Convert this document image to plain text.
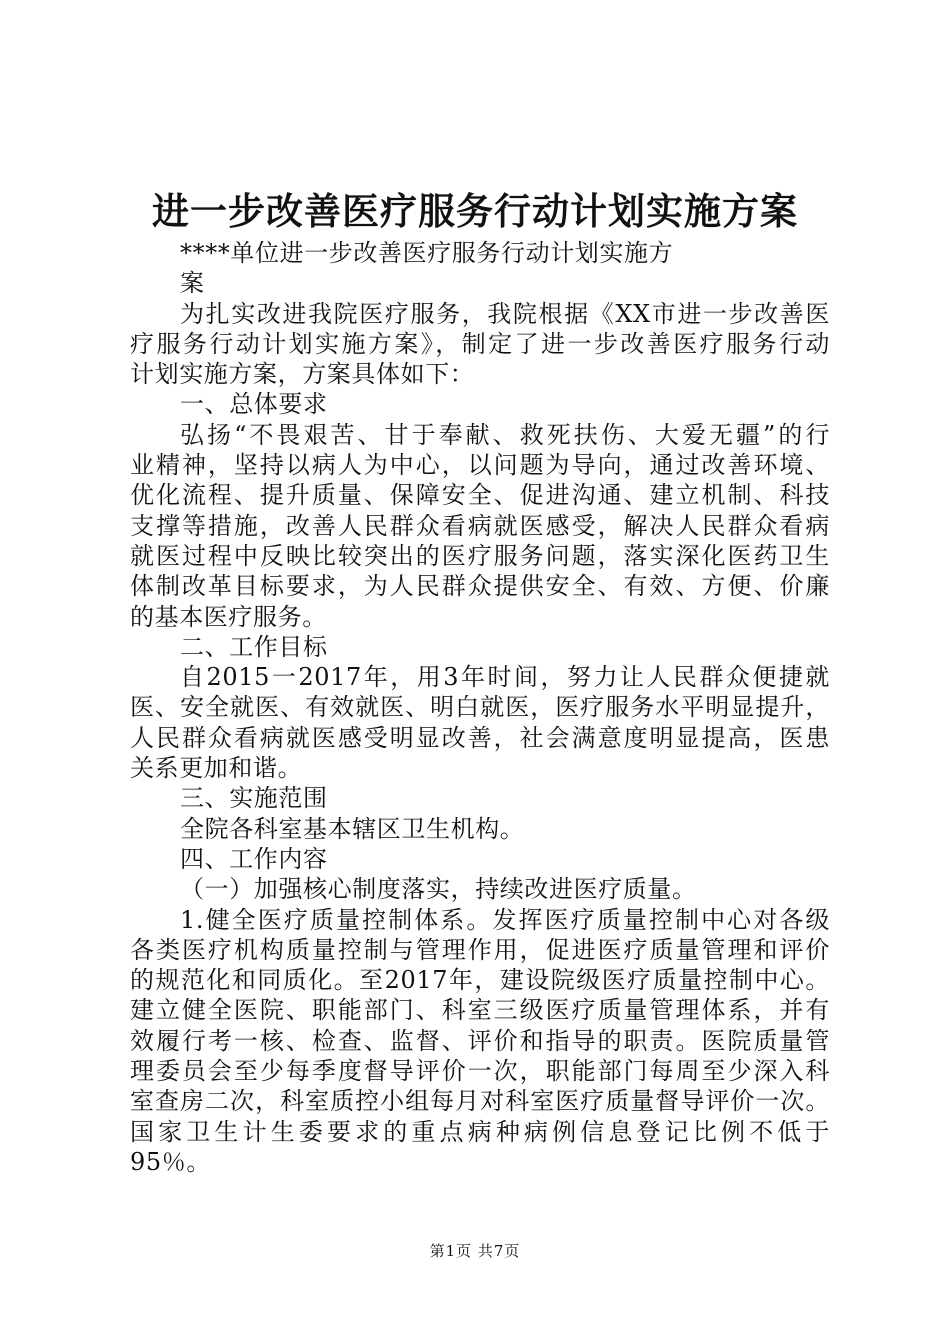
进一步改善医疗服务行动计划实施方案
****单位进一步改善医疗服务行动计划实施方
案
为扎实改进我院医疗服务，我院根据《XX市进一步改善医
疗服务行动计划实施方案》，制定了进一步改善医疗服务行动
计划实施方案，方案具体如下：
一、总体要求
弘扬“不畏艰苦、甘于奉献、救死扶伤、大爱无疆”的行
业精神，坚持以病人为中心，以问题为导向，通过改善环境、
优化流程、提升质量、保障安全、促进沟通、建立机制、科技
支撑等措施，改善人民群众看病就医感受，解决人民群众看病
就医过程中反映比较突出的医疗服务问题，落实深化医药卫生
体制改革目标要求，为人民群众提供安全、有效、方便、价廉
的基本医疗服务。
二、工作目标
自2015一2017年，用3年时间，努力让人民群众便捷就
医、安全就医、有效就医、明白就医，医疗服务水平明显提升，
人民群众看病就医感受明显改善，社会满意度明显提高，医患
关系更加和谐。
三、实施范围
全院各科室基本辖区卫生机构。
四、工作内容
（一）加强核心制度落实，持续改进医疗质量。
1.健全医疗质量控制体系。发挥医疗质量控制中心对各级
各类医疗机构质量控制与管理作用，促进医疗质量管理和评价
的规范化和同质化。至2017年，建设院级医疗质量控制中心。
建立健全医院、职能部门、科室三级医疗质量管理体系，并有
效履行考一核、检查、监督、评价和指导的职责。医院质量管
理委员会至少每季度督导评价一次，职能部门每周至少深入科
室查房二次，科室质控小组每月对科室医疗质量督导评价一次。
国家卫生计生委要求的重点病种病例信息登记比例不低于
95％。
第1页 共7页
